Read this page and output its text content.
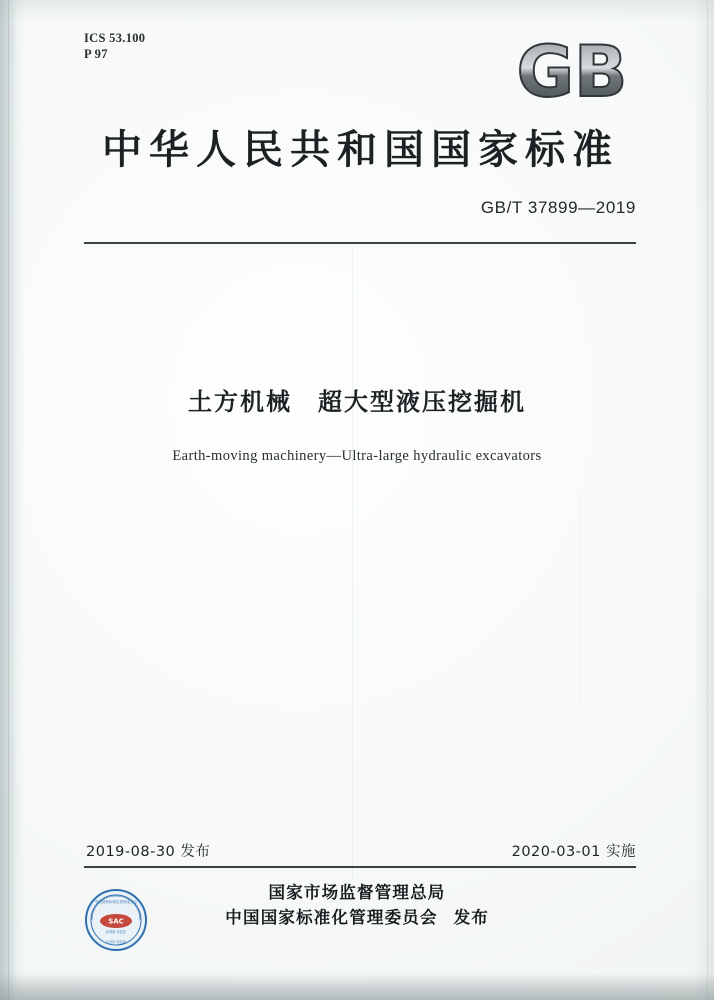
ICS 53.100
P 97	GB
中华人民共和国国家标准
GB/T 37899—2019
土方机械 超大型液压挖掘机
Earth-moving machinery—Ultra-large hydraulic excavators
2019-08-30 发布	2020-03-01 实施
国家市场监督管理总局
中国国家标准化管理委员会 发布
中国国家标准化管理委员会
SAC
标准核 信息化
认证标 信息化
